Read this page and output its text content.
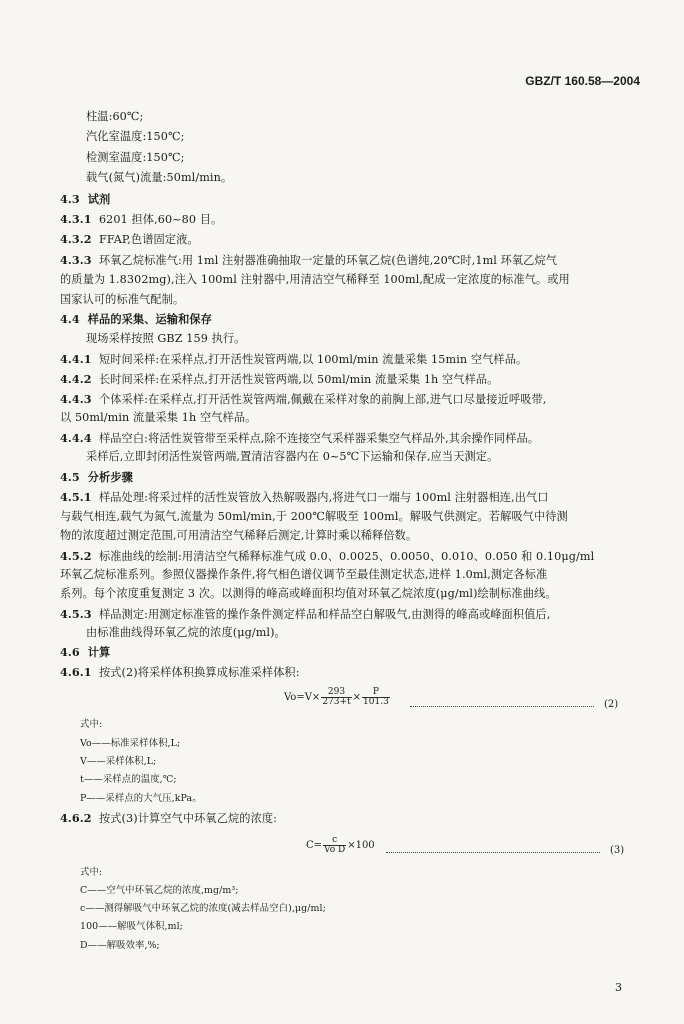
GBZ/T 160.58—2004
柱温:60℃;
汽化室温度:150℃;
检测室温度:150℃;
载气(氮气)流量:50ml/min。
4.3 试剂
4.3.1 6201 担体,60~80 目。
4.3.2 FFAP,色谱固定液。
4.3.3 环氧乙烷标准气:用 1ml 注射器准确抽取一定量的环氧乙烷(色谱纯,20℃时,1ml 环氧乙烷气
的质量为 1.8302mg),注入 100ml 注射器中,用清洁空气稀释至 100ml,配成一定浓度的标准气。或用
国家认可的标准气配制。
4.4 样品的采集、运输和保存
现场采样按照 GBZ 159 执行。
4.4.1 短时间采样:在采样点,打开活性炭管两端,以 100ml/min 流量采集 15min 空气样品。
4.4.2 长时间采样:在采样点,打开活性炭管两端,以 50ml/min 流量采集 1h 空气样品。
4.4.3 个体采样:在采样点,打开活性炭管两端,佩戴在采样对象的前胸上部,进气口尽量接近呼吸带,
以 50ml/min 流量采集 1h 空气样品。
4.4.4 样品空白:将活性炭管带至采样点,除不连接空气采样器采集空气样品外,其余操作同样品。
采样后,立即封闭活性炭管两端,置清洁容器内在 0~5℃下运输和保存,应当天测定。
4.5 分析步骤
4.5.1 样品处理:将采过样的活性炭管放入热解吸器内,将进气口一端与 100ml 注射器相连,出气口
与载气相连,载气为氮气,流量为 50ml/min,于 200℃解吸至 100ml。解吸气供测定。若解吸气中待测
物的浓度超过测定范围,可用清洁空气稀释后测定,计算时乘以稀释倍数。
4.5.2 标准曲线的绘制:用清洁空气稀释标准气成 0.0、0.0025、0.0050、0.010、0.050 和 0.10μg/ml
环氧乙烷标准系列。参照仪器操作条件,将气相色谱仪调节至最佳测定状态,进样 1.0ml,测定各标准
系列。每个浓度重复测定 3 次。以测得的峰高或峰面积均值对环氧乙烷浓度(μg/ml)绘制标准曲线。
4.5.3 样品测定:用测定标准管的操作条件测定样品和样品空白解吸气,由测得的峰高或峰面积值后,
由标准曲线得环氧乙烷的浓度(μg/ml)。
4.6 计算
4.6.1 按式(2)将采样体积换算成标准采样体积:
$Vo=V\times \frac{293}{273+t} \times \frac{P}{101.3}$	(2)
式中:
Vo——标准采样体积,L;
V——采样体积,L;
t——采样点的温度,℃;
P——采样点的大气压,kPa。
4.6.2 按式(3)计算空气中环氧乙烷的浓度:
$C= \frac{c}{\text{Vo D}} \times 100$	(3)
式中:
C——空气中环氧乙烷的浓度,mg/m³;
c——测得解吸气中环氧乙烷的浓度(减去样品空白),μg/ml;
100——解吸气体积,ml;
D——解吸效率,%;
3
